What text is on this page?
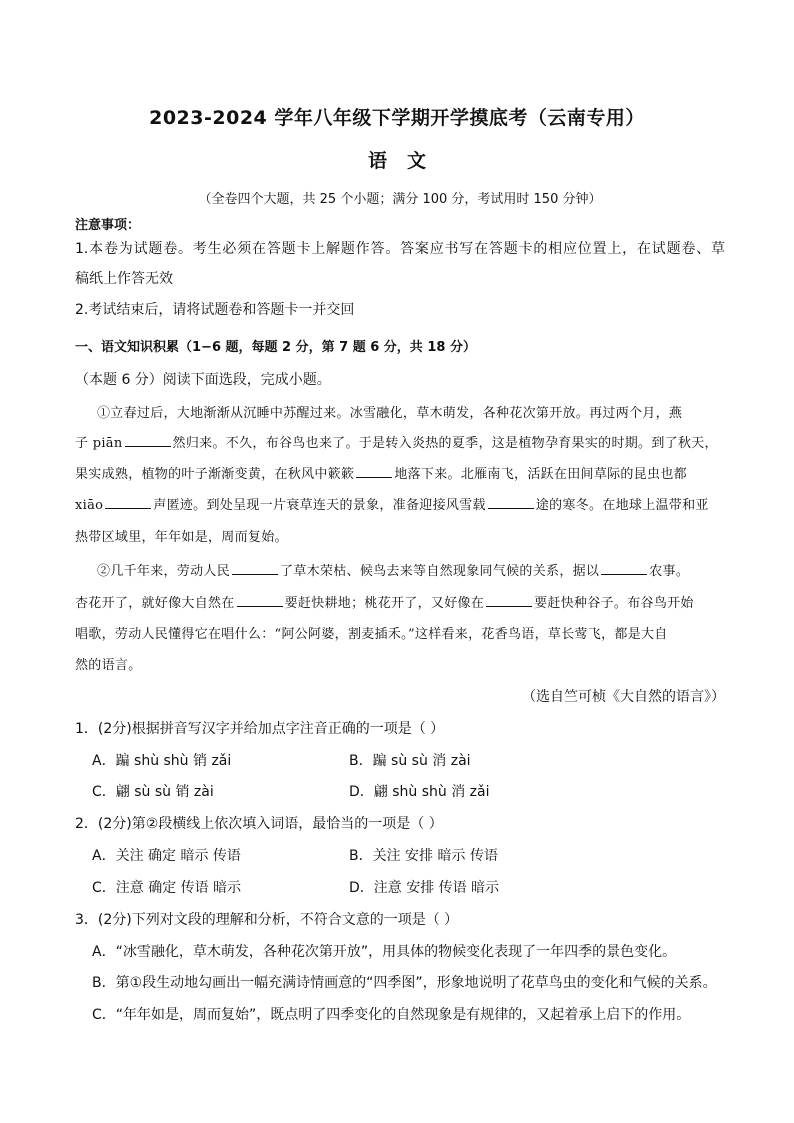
2023-2024 学年八年级下学期开学摸底考（云南专用）
语 文
（全卷四个大题，共 25 个小题；满分 100 分，考试用时 150 分钟）
注意事项：
1.本卷为试题卷。考生必须在答题卡上解题作答。答案应书写在答题卡的相应位置上，在试题卷、草
稿纸上作答无效
2.考试结束后，请将试题卷和答题卡一并交回
一、语文知识积累（1−6 题，每题 2 分，第 7 题 6 分，共 18 分）
（本题 6 分）阅读下面选段，完成小题。
①立春过后，大地渐渐从沉睡中苏醒过来。冰雪融化，草木萌发，各种花次第开放。再过两个月，燕
子 piān	然归来。不久，布谷鸟也来了。于是转入炎热的夏季，这是植物孕育果实的时期。到了秋天，
果实成熟，植物的叶子渐渐变黄，在秋风中簌簌	地落下来。北雁南飞，活跃在田间草际的昆虫也都
xiāo	声匿迹。到处呈现一片衰草连天的景象，准备迎接风雪载	途的寒冬。在地球上温带和亚
热带区域里，年年如是，周而复始。
②几千年来，劳动人民	了草木荣枯、候鸟去来等自然现象同气候的关系，据以	农事。
杏花开了，就好像大自然在	要赶快耕地；桃花开了，又好像在	要赶快种谷子。布谷鸟开始
唱歌，劳动人民懂得它在唱什么：“阿公阿婆，割麦插禾。”这样看来，花香鸟语，草长莺飞，都是大自
然的语言。
（选自竺可桢《大自然的语言》）
1．(2分)根据拼音写汉字并给加点字注音正确的一项是（ ）
A．蹁 shù shù 销 zǎi	B．蹁 sù sù 消 zài
C．翩 sù sù 销 zài	D．翩 shù shù 消 zǎi
2．(2分)第②段横线上依次填入词语，最恰当的一项是（ ）
A．关注 确定 暗示 传语	B．关注 安排 暗示 传语
C．注意 确定 传语 暗示	D．注意 安排 传语 暗示
3．(2分)下列对文段的理解和分析，不符合文意的一项是（ ）
A．“冰雪融化，草木萌发，各种花次第开放”，用具体的物候变化表现了一年四季的景色变化。
B．第①段生动地勾画出一幅充满诗情画意的“四季图”，形象地说明了花草鸟虫的变化和气候的关系。
C．“年年如是，周而复始”，既点明了四季变化的自然现象是有规律的，又起着承上启下的作用。
